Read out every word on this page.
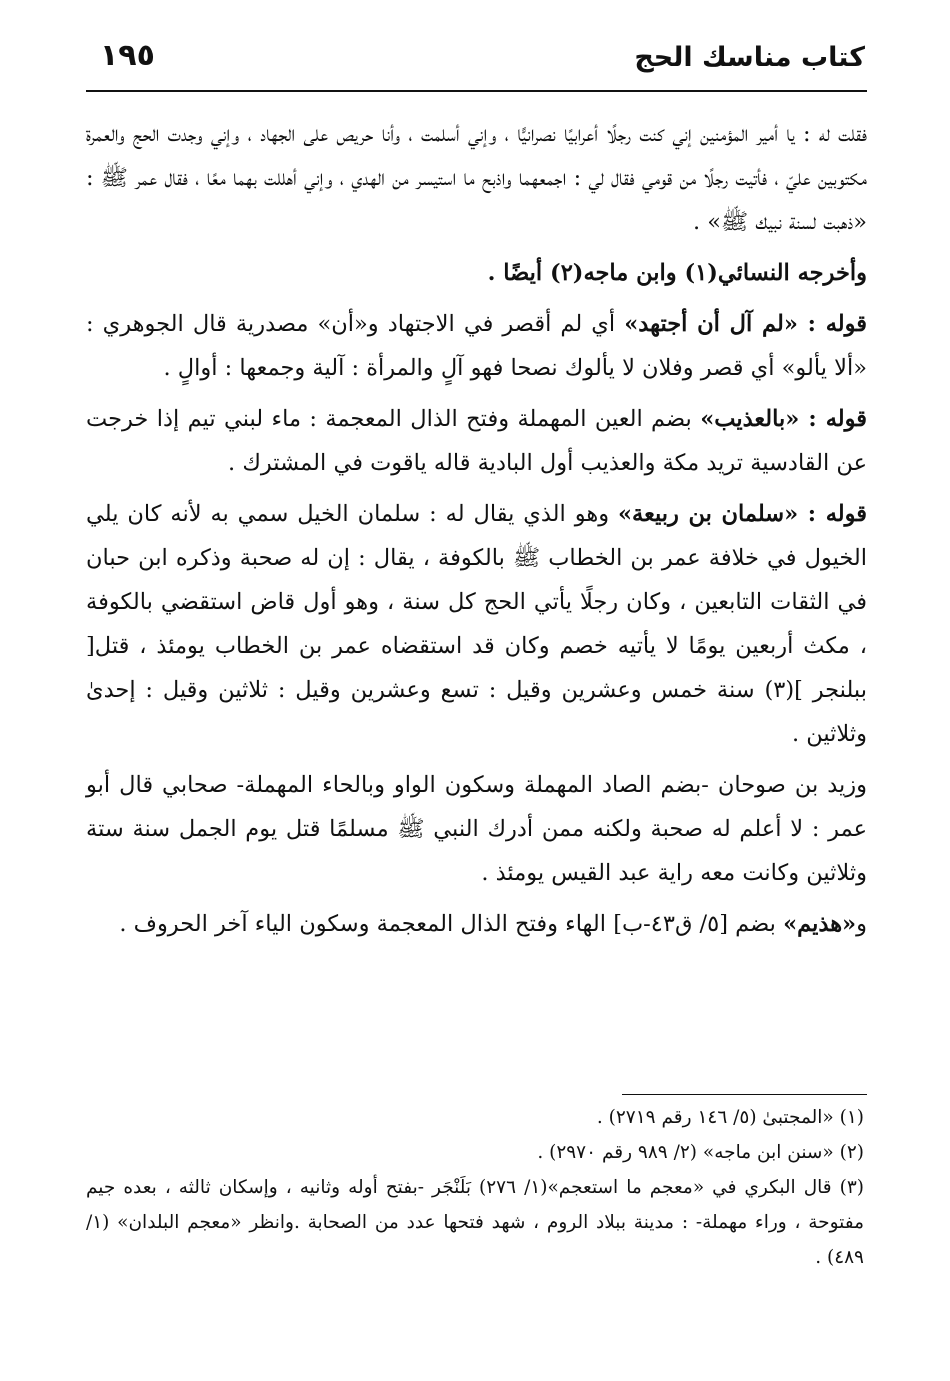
١٩٥	كتاب مناسك الحج

فقلت له : يا أمير المؤمنين إني كنت رجلًا أعرابيًا نصرانيًّا ، وإني أسلمت ، وأنا حريص على الجهاد ، وإني وجدت الحج والعمرة مكتوبين عليّ ، فأتيت رجلًا من قومي فقال لي : اجمعهما واذبح ما استيسر من الهدي ، وإني أهللت بهما معًا ، فقال عمر ﷺ : «ذهبت لسنة نبيك ﷺ» .

وأخرجه النسائي(١) وابن ماجه(٢) أيضًا .

قوله : «لم آل أن أجتهد» أي لم أقصر في الاجتهاد و«أن» مصدرية قال الجوهري : «ألا يألو» أي قصر وفلان لا يألوك نصحا فهو آلٍ والمرأة : آلية وجمعها : أوالٍ .

قوله : «بالعذيب» بضم العين المهملة وفتح الذال المعجمة : ماء لبني تيم إذا خرجت عن القادسية تريد مكة والعذيب أول البادية قاله ياقوت في المشترك .

قوله : «سلمان بن ربيعة» وهو الذي يقال له : سلمان الخيل سمي به لأنه كان يلي الخيول في خلافة عمر بن الخطاب ﷺ بالكوفة ، يقال : إن له صحبة وذكره ابن حبان في الثقات التابعين ، وكان رجلًا يأتي الحج كل سنة ، وهو أول قاض استقضي بالكوفة ، مكث أربعين يومًا لا يأتيه خصم وكان قد استقضاه عمر بن الخطاب يومئذ ، قتل[ ببلنجر ](٣) سنة خمس وعشرين وقيل : تسع وعشرين وقيل : ثلاثين وقيل : إحدىٰ وثلاثين .

وزيد بن صوحان -بضم الصاد المهملة وسكون الواو وبالحاء المهملة- صحابي قال أبو عمر : لا أعلم له صحبة ولكنه ممن أدرك النبي ﷺ مسلمًا قتل يوم الجمل سنة ستة وثلاثين وكانت معه راية عبد القيس يومئذ .

و«هذيم» بضم [٥/ ق٤٣-ب] الهاء وفتح الذال المعجمة وسكون الياء آخر الحروف .

(١) «المجتبىٰ (٥/ ١٤٦ رقم ٢٧١٩) .

(٢) «سنن ابن ماجه» (٢/ ٩٨٩ رقم ٢٩٧٠) .

(٣) قال البكري في «معجم ما استعجم»(١/ ٢٧٦) بَلَنْجَر -بفتح أوله وثانيه ، وإسكان ثالثه ، بعده جيم مفتوحة ، وراء مهملة- : مدينة ببلاد الروم ، شهد فتحها عدد من الصحابة .وانظر «معجم البلدان» (١/ ٤٨٩) .
